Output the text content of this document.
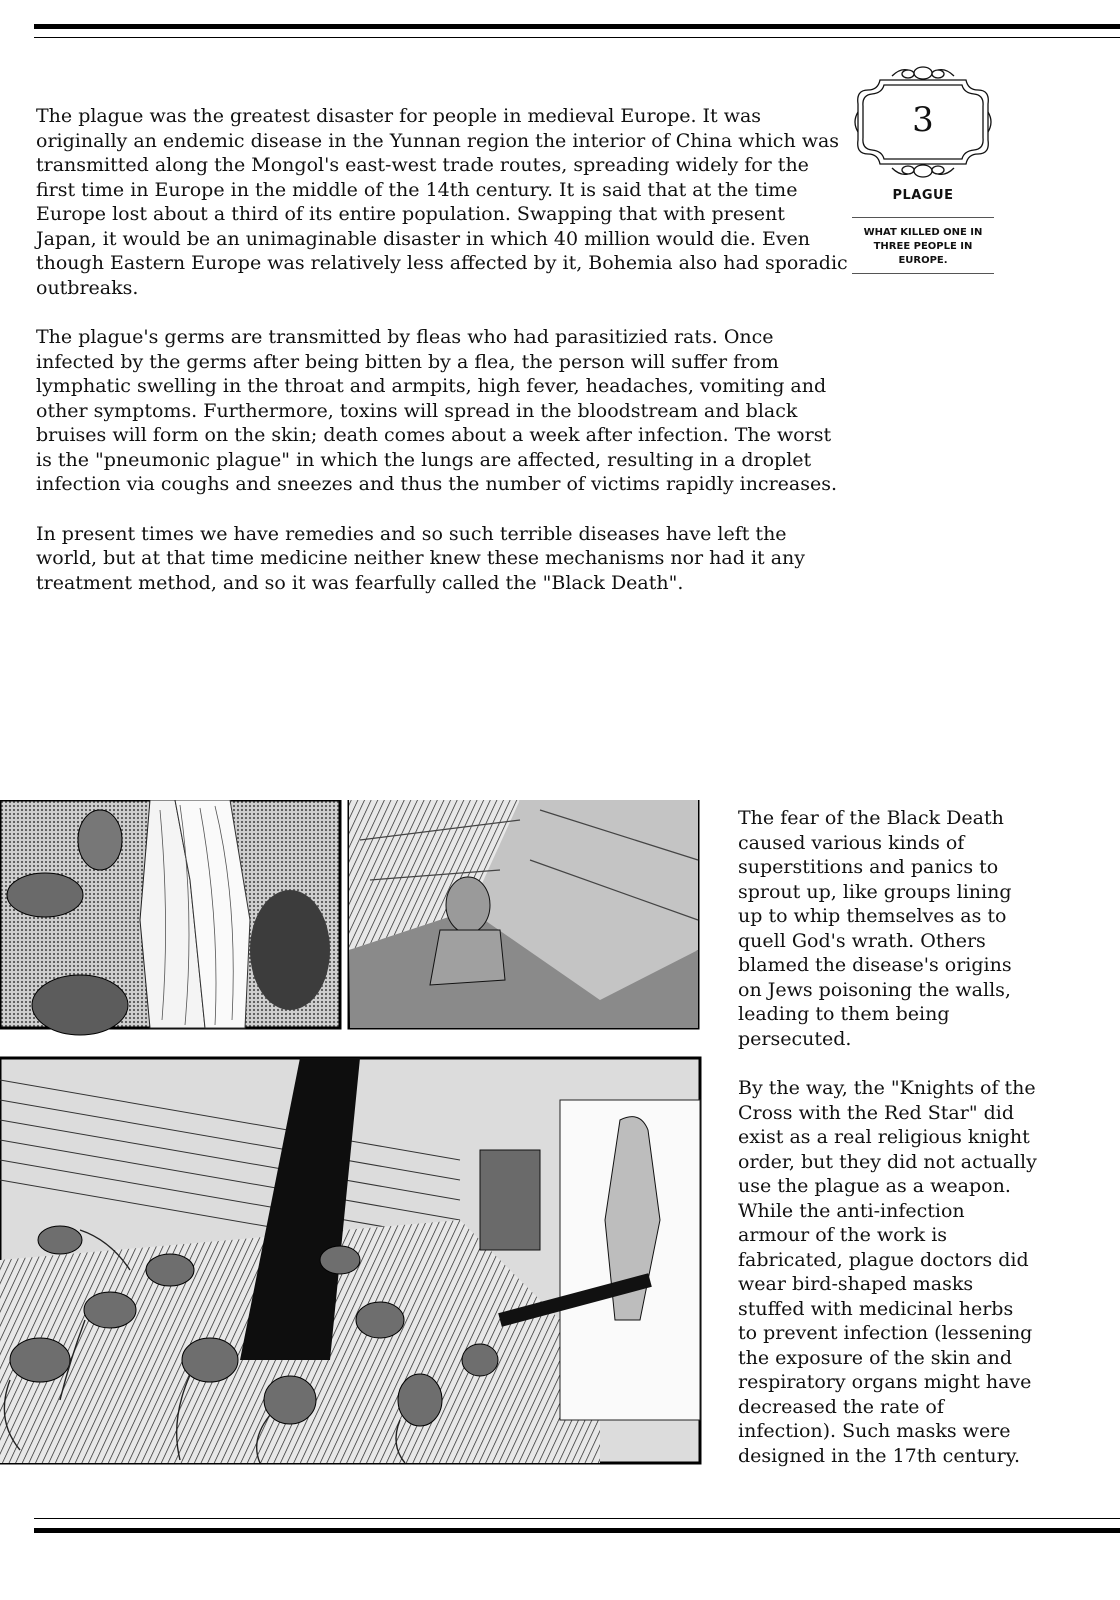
The plague was the greatest disaster for people in medieval Europe. It was originally an endemic disease in the Yunnan region the interior of China which was transmitted along the Mongol's east-west trade routes, spreading widely for the first time in Europe in the middle of the 14th century. It is said that at the time Europe lost about a third of its entire population. Swapping that with present Japan, it would be an unimaginable disaster in which 40 million would die. Even though Eastern Europe was relatively less affected by it, Bohemia also had sporadic outbreaks.

The plague's germs are transmitted by fleas who had parasitizied rats. Once infected by the germs after being bitten by a flea, the person will suffer from lymphatic swelling in the throat and armpits, high fever, headaches, vomiting and other symptoms. Furthermore, toxins will spread in the bloodstream and black bruises will form on the skin; death comes about a week after infection. The worst is the "pneumonic plague" in which the lungs are affected, resulting in a droplet infection via coughs and sneezes and thus the number of victims rapidly increases.

In present times we have remedies and so such terrible diseases have left the world, but at that time medicine neither knew these mechanisms nor had it any treatment method, and so it was fearfully called the "Black Death".

3
PLAGUE
WHAT KILLED ONE IN THREE PEOPLE IN EUROPE.

The fear of the Black Death caused various kinds of superstitions and panics to sprout up, like groups lining up to whip themselves as to quell God's wrath. Others blamed the disease's origins on Jews poisoning the walls, leading to them being persecuted.

By the way, the "Knights of the Cross with the Red Star" did exist as a real religious knight order, but they did not actually use the plague as a weapon. While the anti-infection armour of the work is fabricated, plague doctors did wear bird-shaped masks stuffed with medicinal herbs to prevent infection (lessening the exposure of the skin and respiratory organs might have decreased the rate of infection). Such masks were designed in the 17th century.
